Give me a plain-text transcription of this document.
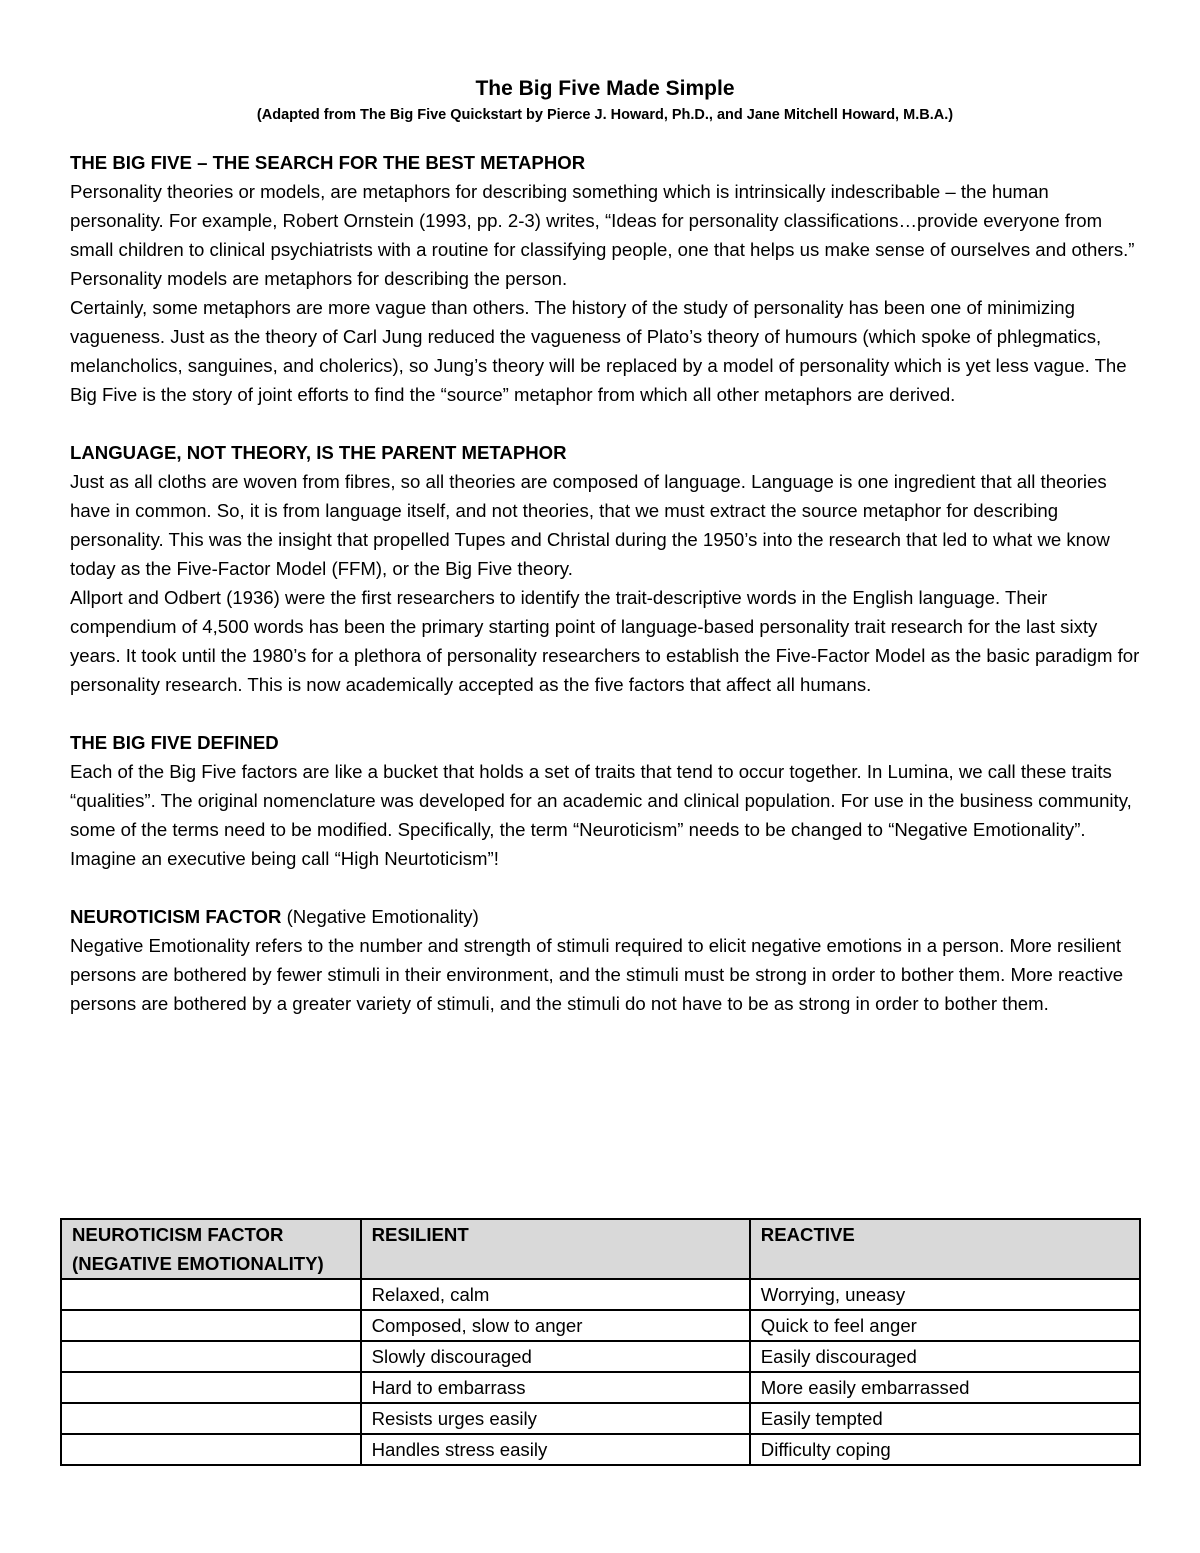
The Big Five Made Simple

(Adapted from The Big Five Quickstart by Pierce J. Howard, Ph.D., and Jane Mitchell Howard, M.B.A.)

THE BIG FIVE – THE SEARCH FOR THE BEST METAPHOR

Personality theories or models, are metaphors for describing something which is intrinsically indescribable – the human personality. For example, Robert Ornstein (1993, pp. 2-3) writes, “Ideas for personality classifications…provide everyone from small children to clinical psychiatrists with a routine for classifying people, one that helps us make sense of ourselves and others.” Personality models are metaphors for describing the person.

Certainly, some metaphors are more vague than others. The history of the study of personality has been one of minimizing vagueness. Just as the theory of Carl Jung reduced the vagueness of Plato’s theory of humours (which spoke of phlegmatics, melancholics, sanguines, and cholerics), so Jung’s theory will be replaced by a model of personality which is yet less vague. The Big Five is the story of joint efforts to find the “source” metaphor from which all other metaphors are derived.

LANGUAGE, NOT THEORY, IS THE PARENT METAPHOR

Just as all cloths are woven from fibres, so all theories are composed of language. Language is one ingredient that all theories have in common. So, it is from language itself, and not theories, that we must extract the source metaphor for describing personality. This was the insight that propelled Tupes and Christal during the 1950’s into the research that led to what we know today as the Five-Factor Model (FFM), or the Big Five theory.

Allport and Odbert (1936) were the first researchers to identify the trait-descriptive words in the English language. Their compendium of 4,500 words has been the primary starting point of language-based personality trait research for the last sixty years. It took until the 1980’s for a plethora of personality researchers to establish the Five-Factor Model as the basic paradigm for personality research. This is now academically accepted as the five factors that affect all humans.

THE BIG FIVE DEFINED

Each of the Big Five factors are like a bucket that holds a set of traits that tend to occur together. In Lumina, we call these traits “qualities”. The original nomenclature was developed for an academic and clinical population. For use in the business community, some of the terms need to be modified. Specifically, the term “Neuroticism” needs to be changed to “Negative Emotionality”. Imagine an executive being call “High Neurtoticism”!

NEUROTICISM FACTOR (Negative Emotionality)

Negative Emotionality refers to the number and strength of stimuli required to elicit negative emotions in a person. More resilient persons are bothered by fewer stimuli in their environment, and the stimuli must be strong in order to bother them. More reactive persons are bothered by a greater variety of stimuli, and the stimuli do not have to be as strong in order to bother them.

NEUROTICISM FACTOR
(NEGATIVE EMOTIONALITY)	RESILIENT	REACTIVE
	Relaxed, calm	Worrying, uneasy
	Composed, slow to anger	Quick to feel anger
	Slowly discouraged	Easily discouraged
	Hard to embarrass	More easily embarrassed
	Resists urges easily	Easily tempted
	Handles stress easily	Difficulty coping
